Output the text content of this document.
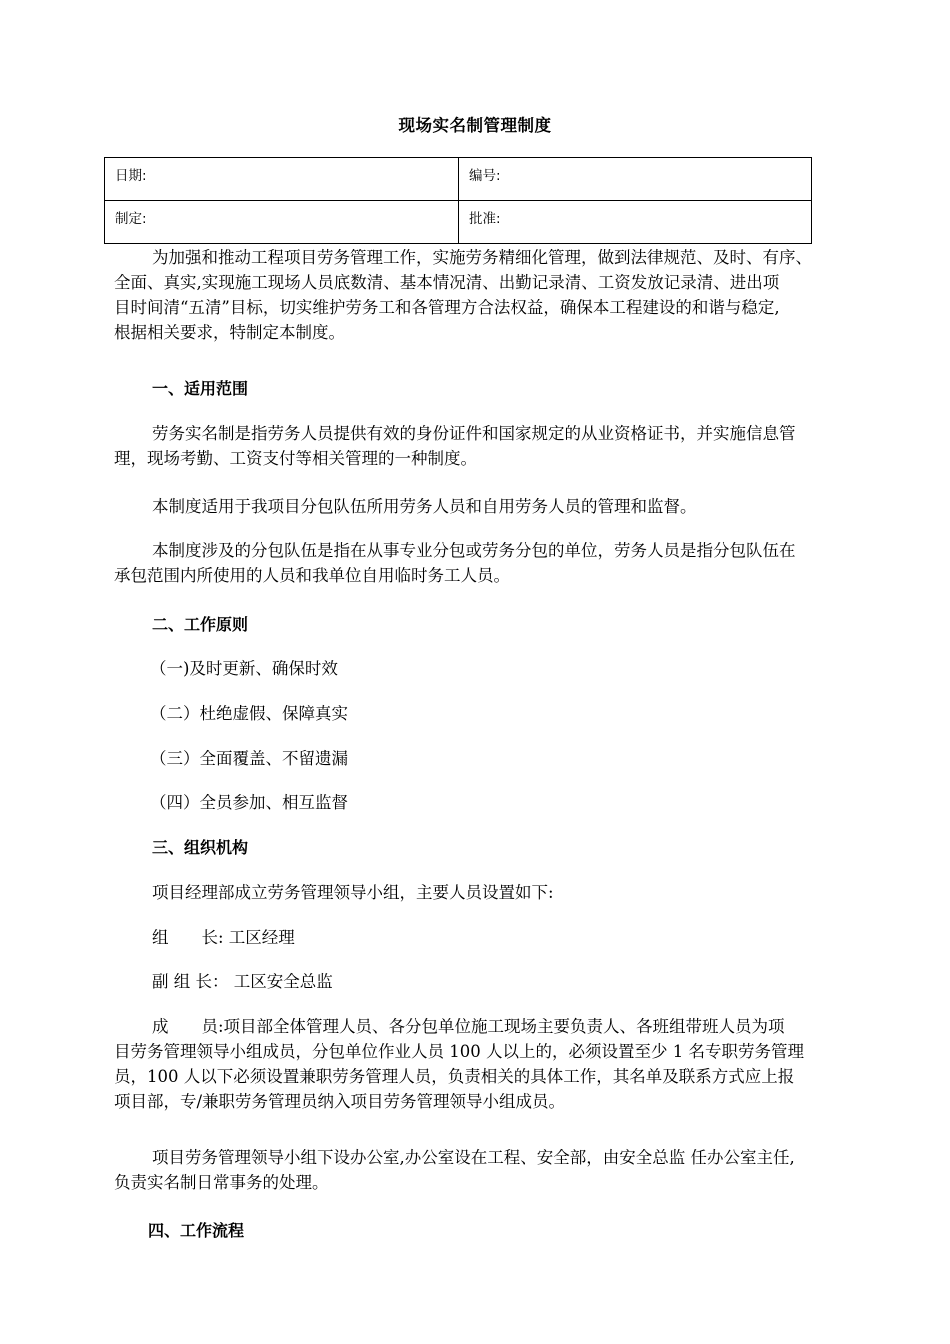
现场实名制管理制度
日期:	编号:
制定:	批准:
为加强和推动工程项目劳务管理工作，实施劳务精细化管理，做到法律规范、及时、有序、
全面、真实,实现施工现场人员底数清、基本情况清、出勤记录清、工资发放记录清、进出项
目时间清“五清”目标，切实维护劳务工和各管理方合法权益，确保本工程建设的和谐与稳定,
根据相关要求，特制定本制度。
一、适用范围
劳务实名制是指劳务人员提供有效的身份证件和国家规定的从业资格证书，并实施信息管
理，现场考勤、工资支付等相关管理的一种制度。
本制度适用于我项目分包队伍所用劳务人员和自用劳务人员的管理和监督。
本制度涉及的分包队伍是指在从事专业分包或劳务分包的单位，劳务人员是指分包队伍在
承包范围内所使用的人员和我单位自用临时务工人员。
二、工作原则
（一)及时更新、确保时效
（二）杜绝虚假、保障真实
（三）全面覆盖、不留遗漏
（四）全员参加、相互监督
三、组织机构
项目经理部成立劳务管理领导小组，主要人员设置如下:
组　　长: 工区经理
副 组 长： 工区安全总监
成　　员:项目部全体管理人员、各分包单位施工现场主要负责人、各班组带班人员为项
目劳务管理领导小组成员，分包单位作业人员 100 人以上的，必须设置至少 1 名专职劳务管理
员，100 人以下必须设置兼职劳务管理人员，负责相关的具体工作，其名单及联系方式应上报
项目部，专/兼职劳务管理员纳入项目劳务管理领导小组成员。
项目劳务管理领导小组下设办公室,办公室设在工程、安全部，由安全总监 任办公室主任,
负责实名制日常事务的处理。
四、工作流程
